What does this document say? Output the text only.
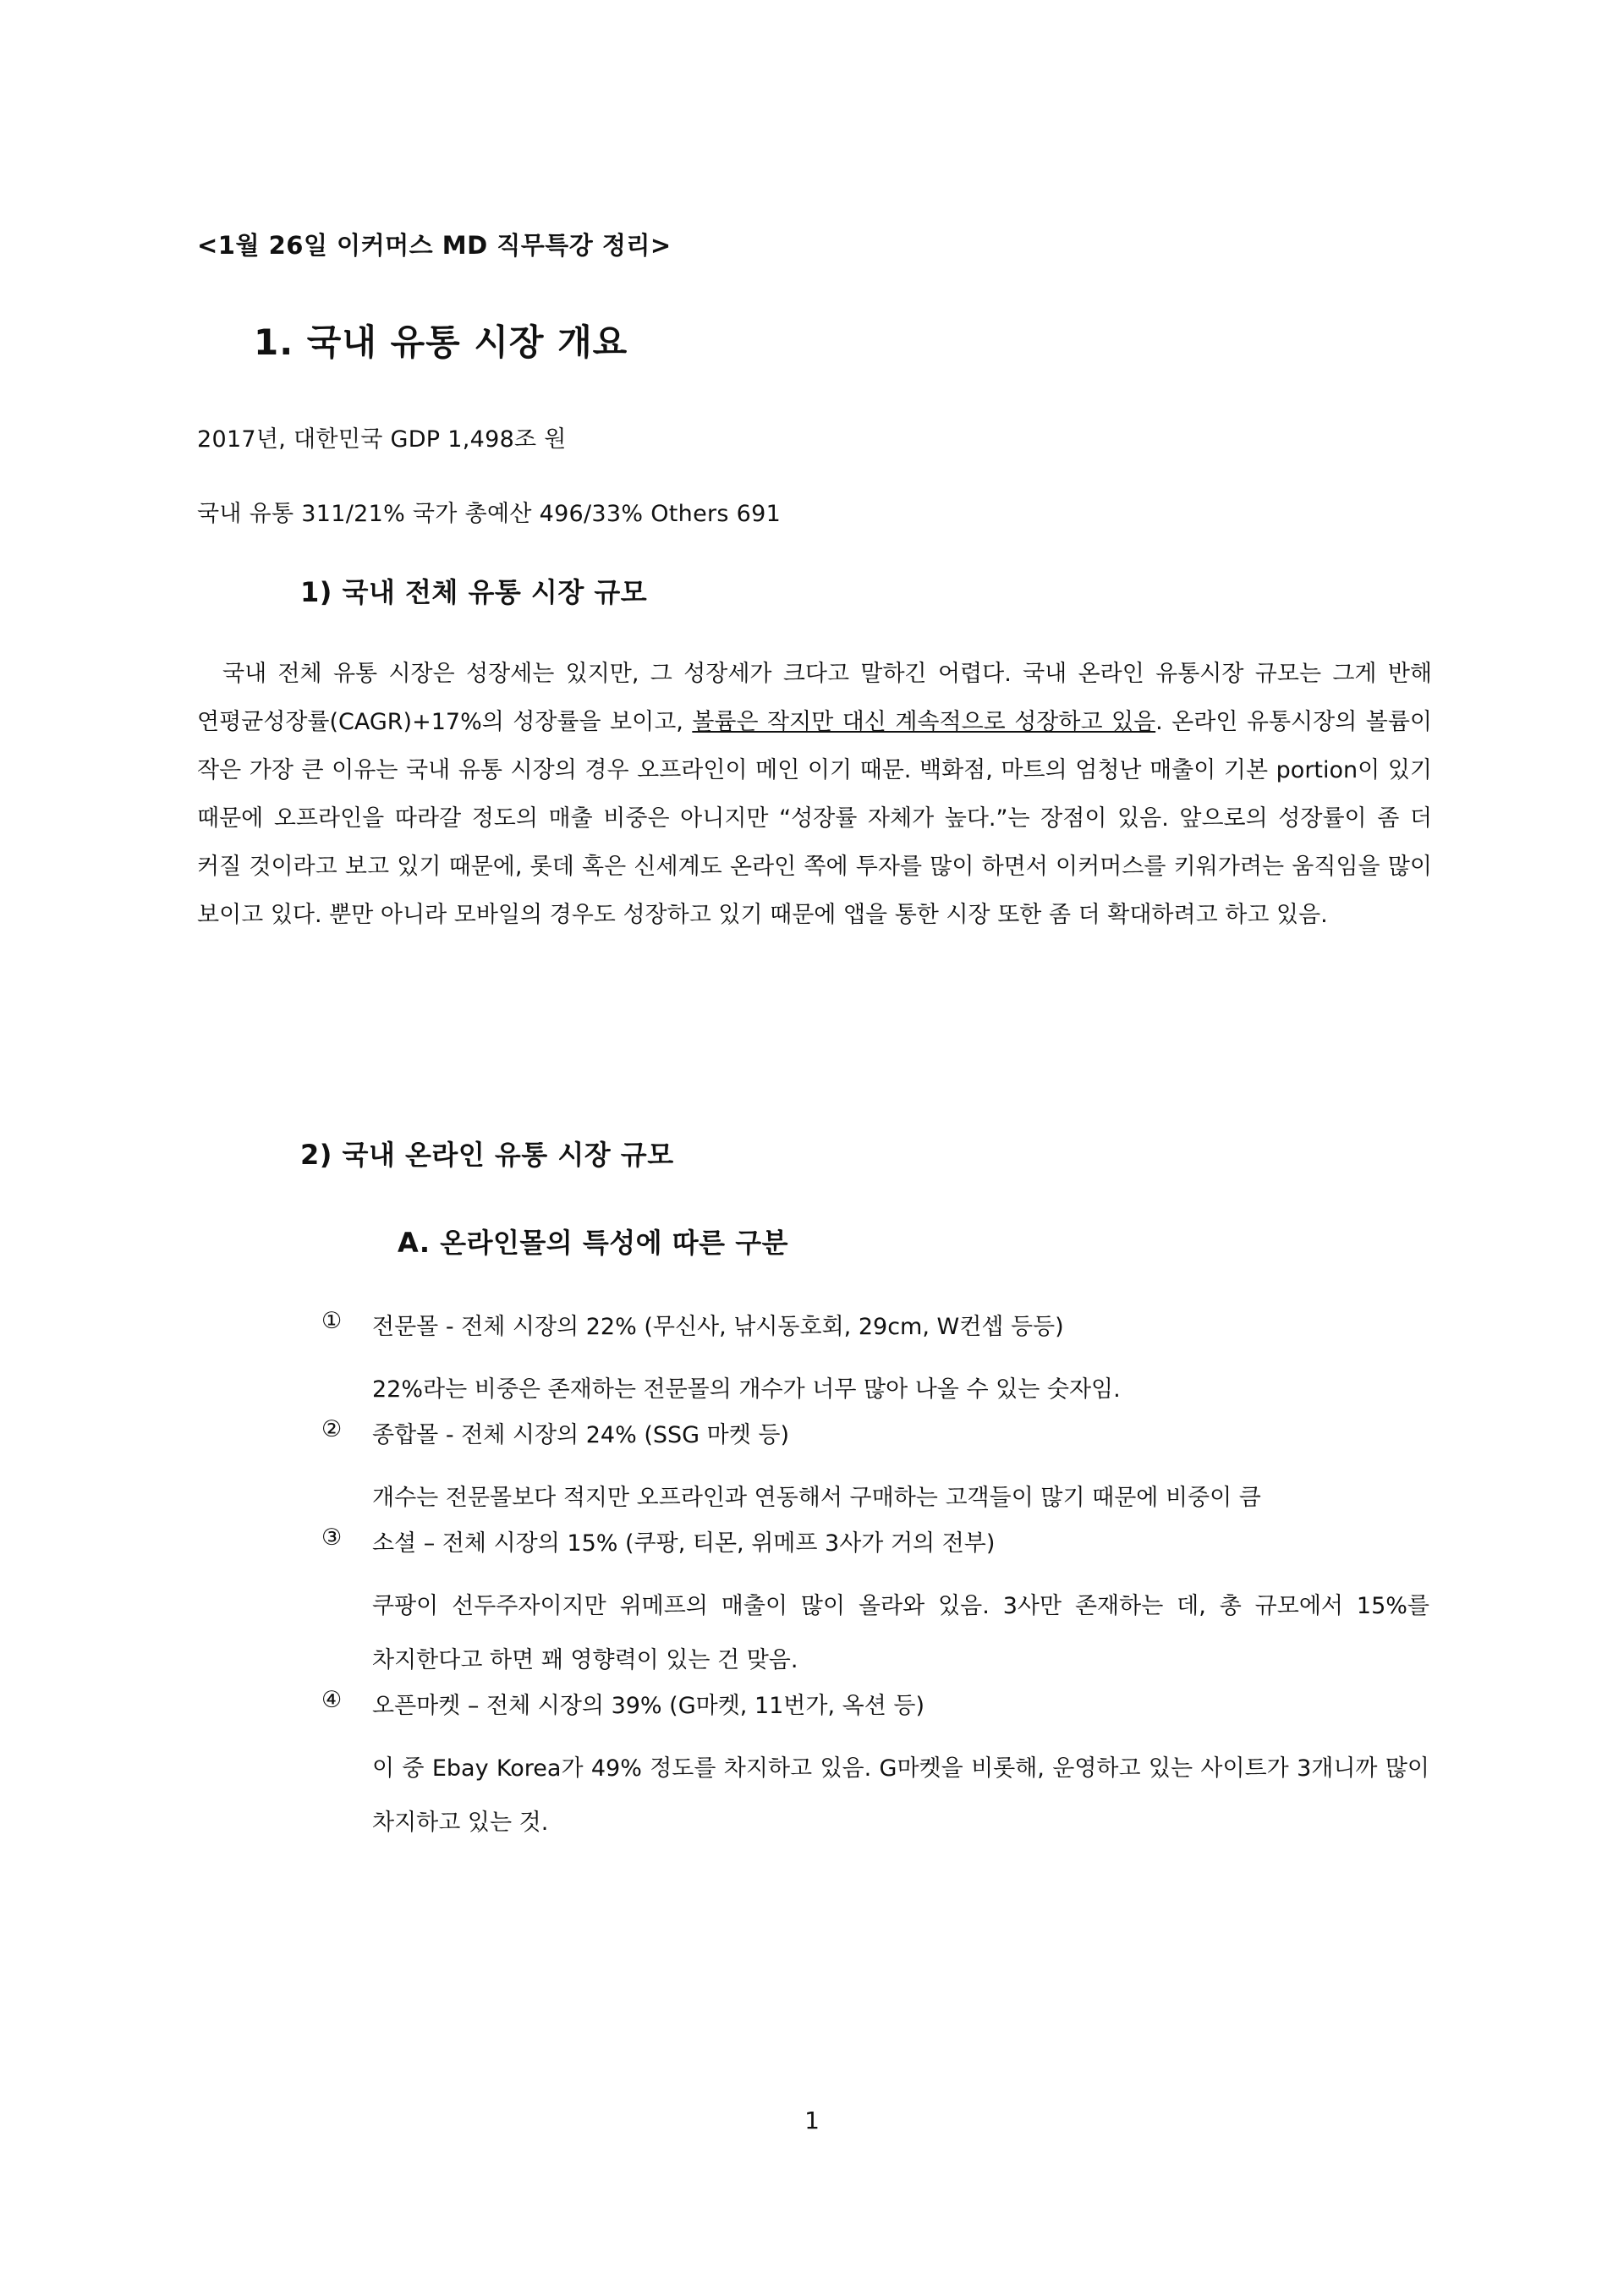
<1월 26일 이커머스 MD 직무특강 정리>
1. 국내 유통 시장 개요
2017년, 대한민국 GDP 1,498조 원
국내 유통 311/21% 국가 총예산 496/33% Others 691
1) 국내 전체 유통 시장 규모
국내 전체 유통 시장은 성장세는 있지만, 그 성장세가 크다고 말하긴 어렵다. 국내 온라인 유통시장 규모는 그게 반해 연평균성장률(CAGR)+17%의 성장률을 보이고, 볼륨은 작지만 대신 계속적으로 성장하고 있음. 온라인 유통시장의 볼륨이 작은 가장 큰 이유는 국내 유통 시장의 경우 오프라인이 메인 이기 때문. 백화점, 마트의 엄청난 매출이 기본 portion이 있기 때문에 오프라인을 따라갈 정도의 매출 비중은 아니지만 “성장률 자체가 높다.”는 장점이 있음. 앞으로의 성장률이 좀 더 커질 것이라고 보고 있기 때문에, 롯데 혹은 신세계도 온라인 쪽에 투자를 많이 하면서 이커머스를 키워가려는 움직임을 많이 보이고 있다. 뿐만 아니라 모바일의 경우도 성장하고 있기 때문에 앱을 통한 시장 또한 좀 더 확대하려고 하고 있음.
2) 국내 온라인 유통 시장 규모
A. 온라인몰의 특성에 따른 구분
① 전문몰 - 전체 시장의 22% (무신사, 낚시동호회, 29cm, W컨셉 등등)
22%라는 비중은 존재하는 전문몰의 개수가 너무 많아 나올 수 있는 숫자임.
② 종합몰 - 전체 시장의 24% (SSG 마켓 등)
개수는 전문몰보다 적지만 오프라인과 연동해서 구매하는 고객들이 많기 때문에 비중이 큼
③ 소셜 – 전체 시장의 15% (쿠팡, 티몬, 위메프 3사가 거의 전부)
쿠팡이 선두주자이지만 위메프의 매출이 많이 올라와 있음. 3사만 존재하는 데, 총 규모에서 15%를 차지한다고 하면 꽤 영향력이 있는 건 맞음.
④ 오픈마켓 – 전체 시장의 39% (G마켓, 11번가, 옥션 등)
이 중 Ebay Korea가 49% 정도를 차지하고 있음. G마켓을 비롯해, 운영하고 있는 사이트가 3개니까 많이 차지하고 있는 것.
1
